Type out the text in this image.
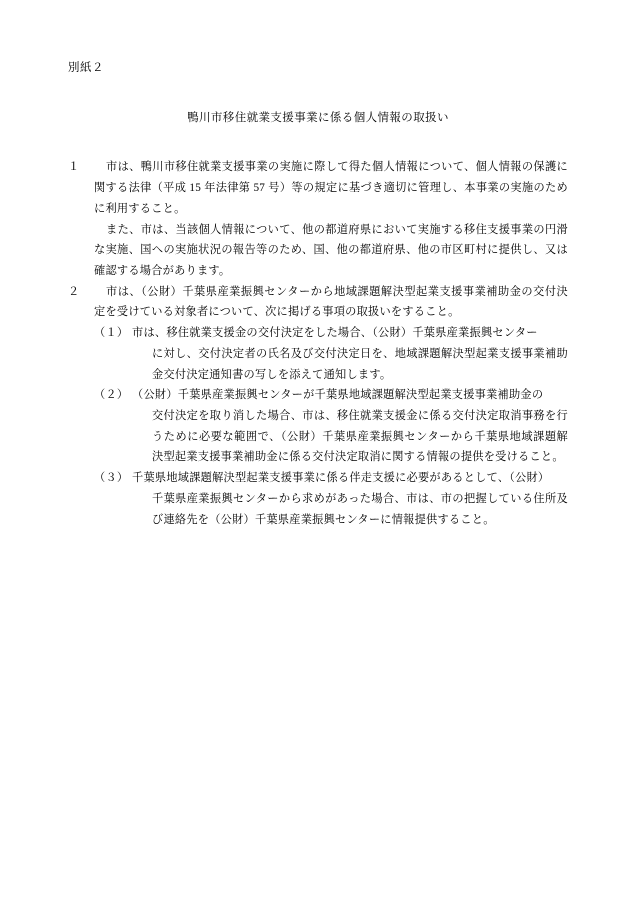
別紙２
鴨川市移住就業支援事業に係る個人情報の取扱い
１	市は、鴨川市移住就業支援事業の実施に際して得た個人情報について、個人情報の保護に関する法律（平成 15 年法律第 57 号）等の規定に基づき適切に管理し、本事業の実施のために利用すること。

また、市は、当該個人情報について、他の都道府県において実施する移住支援事業の円滑な実施、国への実施状況の報告等のため、国、他の都道府県、他の市区町村に提供し、又は確認する場合があります。

２	市は、（公財）千葉県産業振興センターから地域課題解決型起業支援事業補助金の交付決定を受けている対象者について、次に掲げる事項の取扱いをすること。

（１） 市は、移住就業支援金の交付決定をした場合、（公財）千葉県産業振興センター
に対し、交付決定者の氏名及び交付決定日を、地域課題解決型起業支援事業補助金交付決定通知書の写しを添えて通知します。
（２） （公財）千葉県産業振興センターが千葉県地域課題解決型起業支援事業補助金の
交付決定を取り消した場合、市は、移住就業支援金に係る交付決定取消事務を行うために必要な範囲で、（公財）千葉県産業振興センターから千葉県地域課題解決型起業支援事業補助金に係る交付決定取消に関する情報の提供を受けること。
（３） 千葉県地域課題解決型起業支援事業に係る伴走支援に必要があるとして、（公財）
千葉県産業振興センターから求めがあった場合、市は、市の把握している住所及び連絡先を（公財）千葉県産業振興センターに情報提供すること。
